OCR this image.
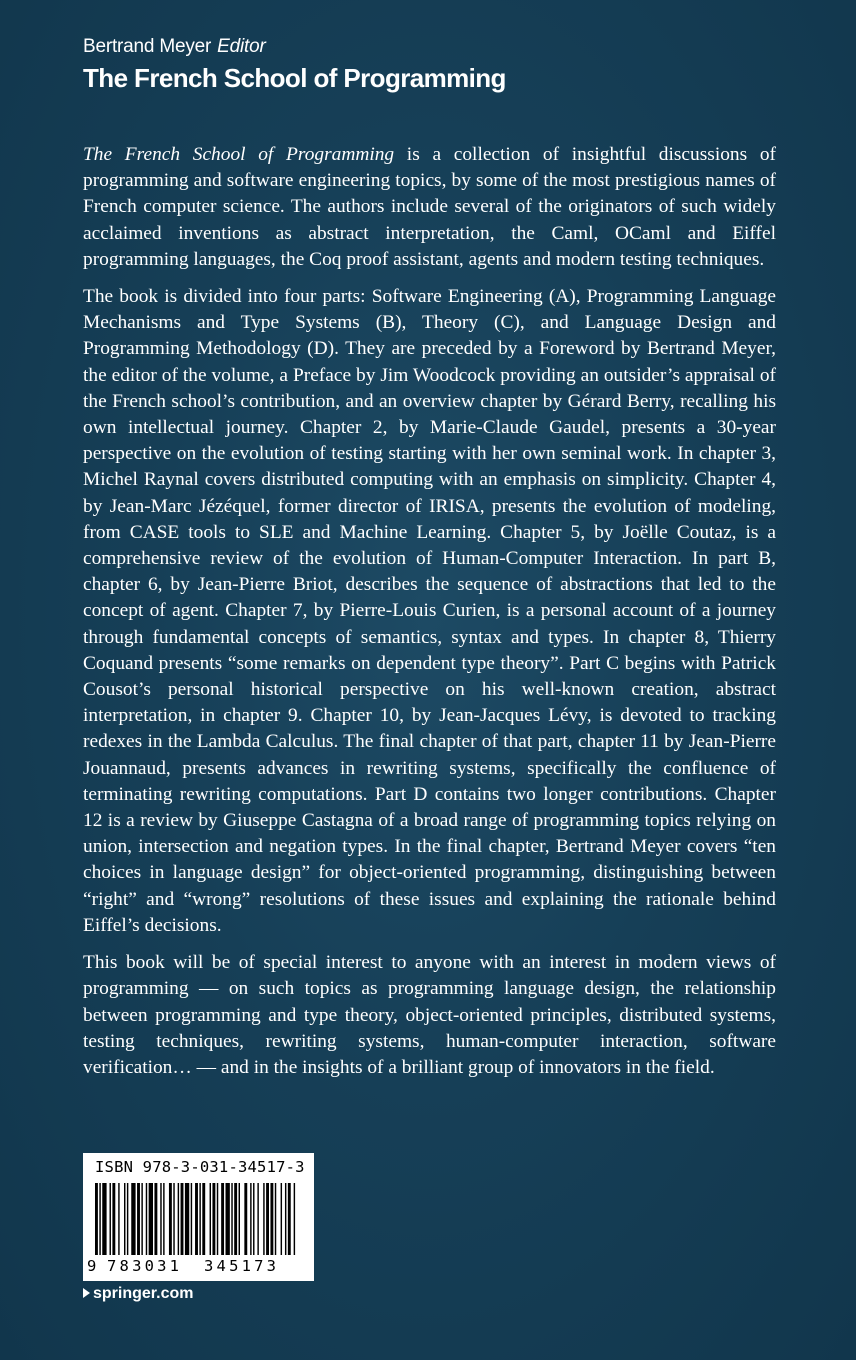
Bertrand Meyer Editor
The French School of Programming

The French School of Programming is a collection of insightful discussions of programming and software engineering topics, by some of the most prestigious names of French computer science. The authors include several of the originators of such widely acclaimed inventions as abstract interpretation, the Caml, OCaml and Eiffel programming languages, the Coq proof assistant, agents and modern testing techniques.

The book is divided into four parts: Software Engineering (A), Programming Language Mechanisms and Type Systems (B), Theory (C), and Language Design and Programming Methodology (D). They are preceded by a Foreword by Bertrand Meyer, the editor of the volume, a Preface by Jim Woodcock providing an outsider’s appraisal of the French school’s contribution, and an overview chapter by Gérard Berry, recalling his own intellectual journey. Chapter 2, by Marie-Claude Gaudel, presents a 30-year perspective on the evolution of testing starting with her own seminal work. In chapter 3, Michel Raynal covers distributed computing with an emphasis on simplicity. Chapter 4, by Jean-Marc Jézéquel, former director of IRISA, presents the evolution of modeling, from CASE tools to SLE and Machine Learning. Chapter 5, by Joëlle Coutaz, is a comprehensive review of the evolution of Human-Computer Interaction. In part B, chapter 6, by Jean-Pierre Briot, describes the sequence of abstractions that led to the concept of agent. Chapter 7, by Pierre-Louis Curien, is a personal account of a journey through fundamental concepts of semantics, syntax and types. In chapter 8, Thierry Coquand presents “some remarks on dependent type theory”. Part C begins with Patrick Cousot’s personal historical perspective on his well-known creation, abstract interpretation, in chapter 9. Chapter 10, by Jean-Jacques Lévy, is devoted to tracking redexes in the Lambda Calculus. The final chapter of that part, chapter 11 by Jean-Pierre Jouannaud, presents advances in rewriting systems, specifically the confluence of terminating rewriting computations. Part D contains two longer contributions. Chapter 12 is a review by Giuseppe Castagna of a broad range of programming topics relying on union, intersection and negation types. In the final chapter, Bertrand Meyer covers “ten choices in language design” for object-oriented programming, distinguishing between “right” and “wrong” resolutions of these issues and explaining the rationale behind Eiffel’s decisions.

This book will be of special interest to anyone with an interest in modern views of programming — on such topics as programming language design, the relationship between programming and type theory, object-oriented principles, distributed systems, testing techniques, rewriting systems, human-computer interaction, software verification… — and in the insights of a brilliant group of innovators in the field.

ISBN 978-3-031-34517-3
9 783031 345173
springer.com
